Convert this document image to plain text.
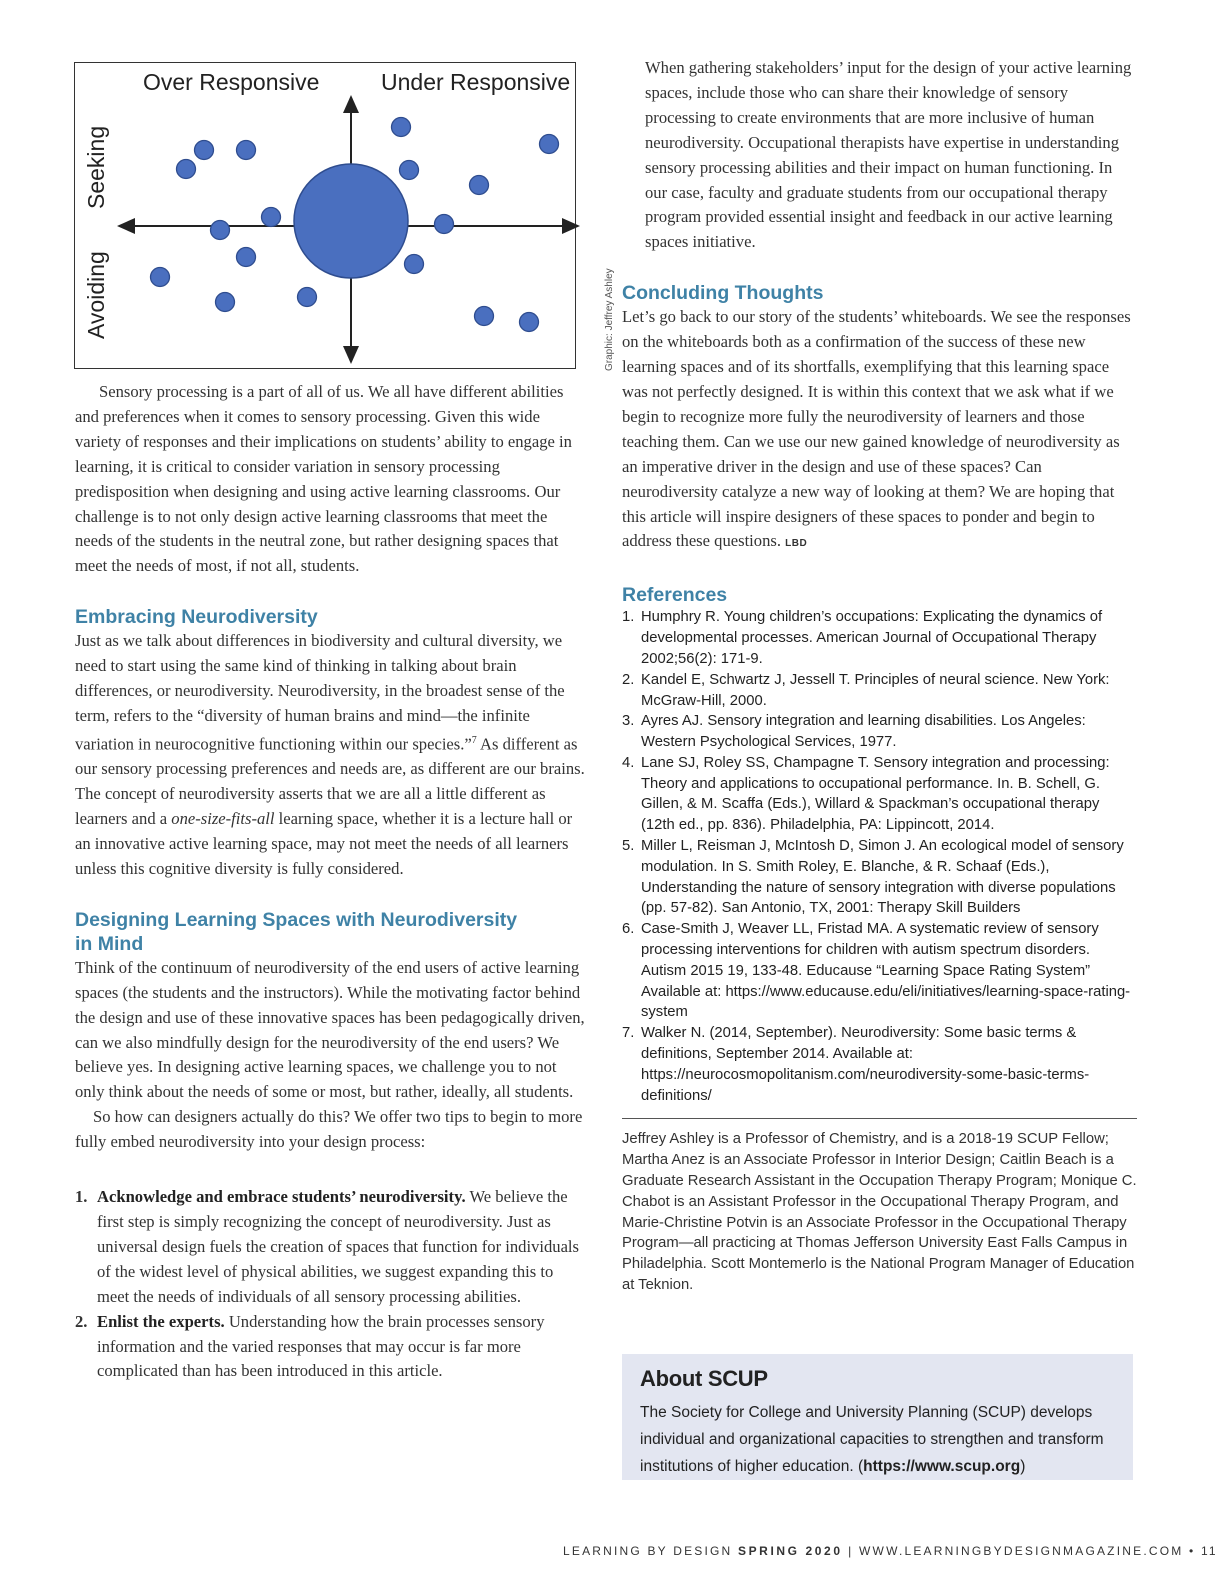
Over Responsive	Under Responsive
Seeking
Avoiding	Graphic: Jeffrey Ashley

Sensory processing is a part of all of us. We all have different abilities and preferences when it comes to sensory processing. Given this wide variety of responses and their implications on students’ ability to engage in learning, it is critical to consider variation in sensory processing predisposition when designing and using active learning classrooms. Our challenge is to not only design active learning classrooms that meet the needs of the students in the neutral zone, but rather designing spaces that meet the needs of most, if not all, students.

Embracing Neurodiversity

Just as we talk about differences in biodiversity and cultural diversity, we need to start using the same kind of thinking in talking about brain differences, or neurodiversity. Neurodiversity, in the broadest sense of the term, refers to the “diversity of human brains and mind—the infinite variation in neurocognitive functioning within our species.”$^7$ As different as our sensory processing preferences and needs are, as different are our brains. The concept of neurodiversity asserts that we are all a little different as learners and a one-size-fits-all learning space, whether it is a lecture hall or an innovative active learning space, may not meet the needs of all learners unless this cognitive diversity is fully considered.

Designing Learning Spaces with Neurodiversity
in Mind

Think of the continuum of neurodiversity of the end users of active learning spaces (the students and the instructors). While the motivating factor behind the design and use of these innovative spaces has been pedagogically driven, can we also mindfully design for the neurodiversity of the end users? We believe yes. In designing active learning spaces, we challenge you to not only think about the needs of some or most, but rather, ideally, all students.

So how can designers actually do this? We offer two tips to begin to more fully embed neurodiversity into your design process:

1. Acknowledge and embrace students’ neurodiversity. We believe the first step is simply recognizing the concept of neurodiversity. Just as universal design fuels the creation of spaces that function for individuals of the widest level of physical abilities, we suggest expanding this to meet the needs of individuals of all sensory processing abilities.
2. Enlist the experts. Understanding how the brain processes sensory information and the varied responses that may occur is far more complicated than has been introduced in this article.

When gathering stakeholders’ input for the design of your active learning spaces, include those who can share their knowledge of sensory processing to create environments that are more inclusive of human neurodiversity. Occupational therapists have expertise in understanding sensory processing abilities and their impact on human functioning. In our case, faculty and graduate students from our occupational therapy program provided essential insight and feedback in our active learning spaces initiative.

Concluding Thoughts

Let’s go back to our story of the students’ whiteboards. We see the responses on the whiteboards both as a confirmation of the success of these new learning spaces and of its shortfalls, exemplifying that this learning space was not perfectly designed. It is within this context that we ask what if we begin to recognize more fully the neurodiversity of learners and those teaching them. Can we use our new gained knowledge of neurodiversity as an imperative driver in the design and use of these spaces? Can neurodiversity catalyze a new way of looking at them? We are hoping that this article will inspire designers of these spaces to ponder and begin to address these questions. LBD

References
1. Humphry R. Young children’s occupations: Explicating the dynamics of developmental processes. American Journal of Occupational Therapy 2002;56(2): 171-9.
2. Kandel E, Schwartz J, Jessell T. Principles of neural science. New York: McGraw-Hill, 2000.
3. Ayres AJ. Sensory integration and learning disabilities. Los Angeles: Western Psychological Services, 1977.
4. Lane SJ, Roley SS, Champagne T. Sensory integration and processing: Theory and applications to occupational performance. In. B. Schell, G. Gillen, & M. Scaffa (Eds.), Willard & Spackman’s occupational therapy (12th ed., pp. 836). Philadelphia, PA: Lippincott, 2014.
5. Miller L, Reisman J, McIntosh D, Simon J. An ecological model of sensory modulation. In S. Smith Roley, E. Blanche, & R. Schaaf (Eds.), Understanding the nature of sensory integration with diverse populations (pp. 57-82). San Antonio, TX, 2001: Therapy Skill Builders
6. Case-Smith J, Weaver LL, Fristad MA. A systematic review of sensory processing interventions for children with autism spectrum disorders. Autism 2015 19, 133-48. Educause “Learning Space Rating System” Available at: https://www.educause.edu/eli/initiatives/learning-space-rating-system
7. Walker N. (2014, September). Neurodiversity: Some basic terms & definitions, September 2014. Available at: https://neurocosmopolitanism.com/neurodiversity-some-basic-terms-definitions/

Jeffrey Ashley is a Professor of Chemistry, and is a 2018-19 SCUP Fellow; Martha Anez is an Associate Professor in Interior Design; Caitlin Beach is a Graduate Research Assistant in the Occupation Therapy Program; Monique C. Chabot is an Assistant Professor in the Occupational Therapy Program, and Marie-Christine Potvin is an Associate Professor in the Occupational Therapy Program—all practicing at Thomas Jefferson University East Falls Campus in Philadelphia. Scott Montemerlo is the National Program Manager of Education at Teknion.

About SCUP

The Society for College and University Planning (SCUP) develops individual and organizational capacities to strengthen and transform institutions of higher education. (https://www.scup.org)

LEARNING BY DESIGN SPRING 2020 | WWW.LEARNINGBYDESIGNMAGAZINE.COM • 11
